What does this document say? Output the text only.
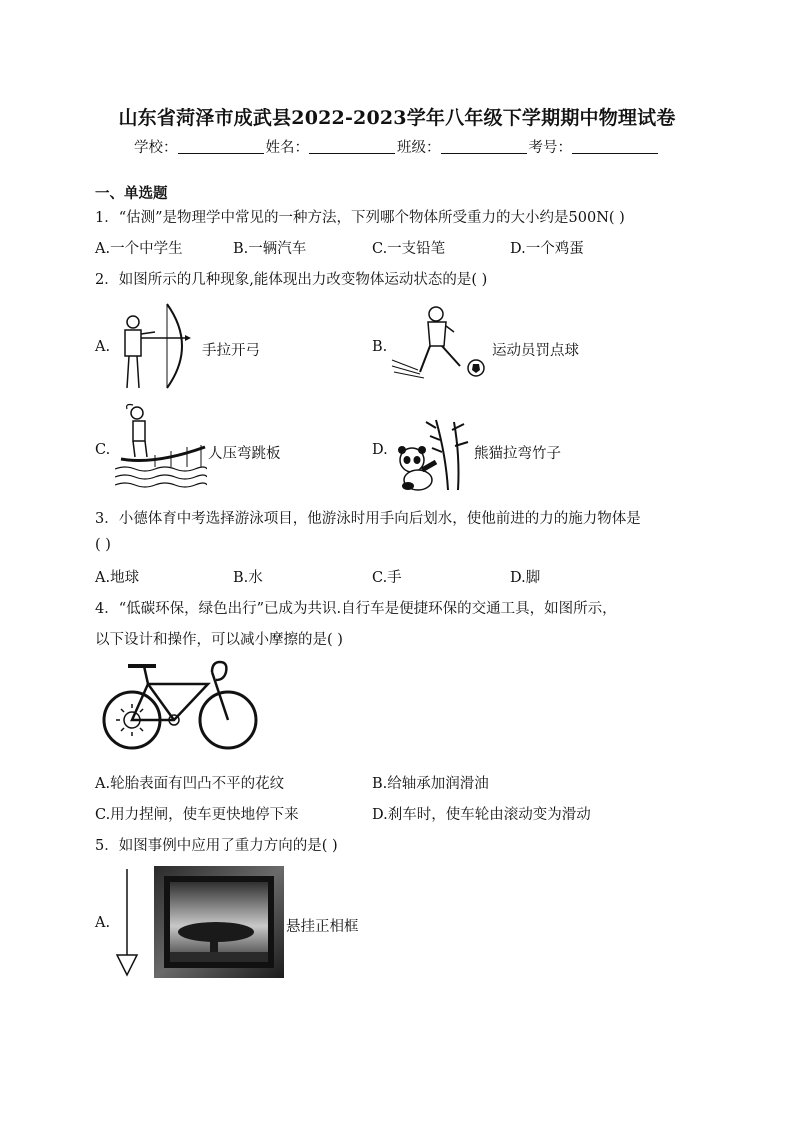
山东省菏泽市成武县2022-2023学年八年级下学期期中物理试卷
学校：	姓名：	班级：	考号：
一、单选题
1．“估测”是物理学中常见的一种方法，下列哪个物体所受重力的大小约是500N( )
A.一个中学生	B.一辆汽车	C.一支铅笔	D.一个鸡蛋
2．如图所示的几种现象,能体现出力改变物体运动状态的是( )
A.	手拉开弓	B.	运动员罚点球
C.	人压弯跳板	D.	熊猫拉弯竹子
3．小德体育中考选择游泳项目，他游泳时用手向后划水，使他前进的力的施力物体是
( )
A.地球	B.水	C.手	D.脚
4．“低碳环保，绿色出行”已成为共识.自行车是便捷环保的交通工具，如图所示，
以下设计和操作，可以减小摩擦的是( )
A.轮胎表面有凹凸不平的花纹	B.给轴承加润滑油
C.用力捏闸，使车更快地停下来	D.刹车时，使车轮由滚动变为滑动
5．如图事例中应用了重力方向的是( )
A.	悬挂正相框
